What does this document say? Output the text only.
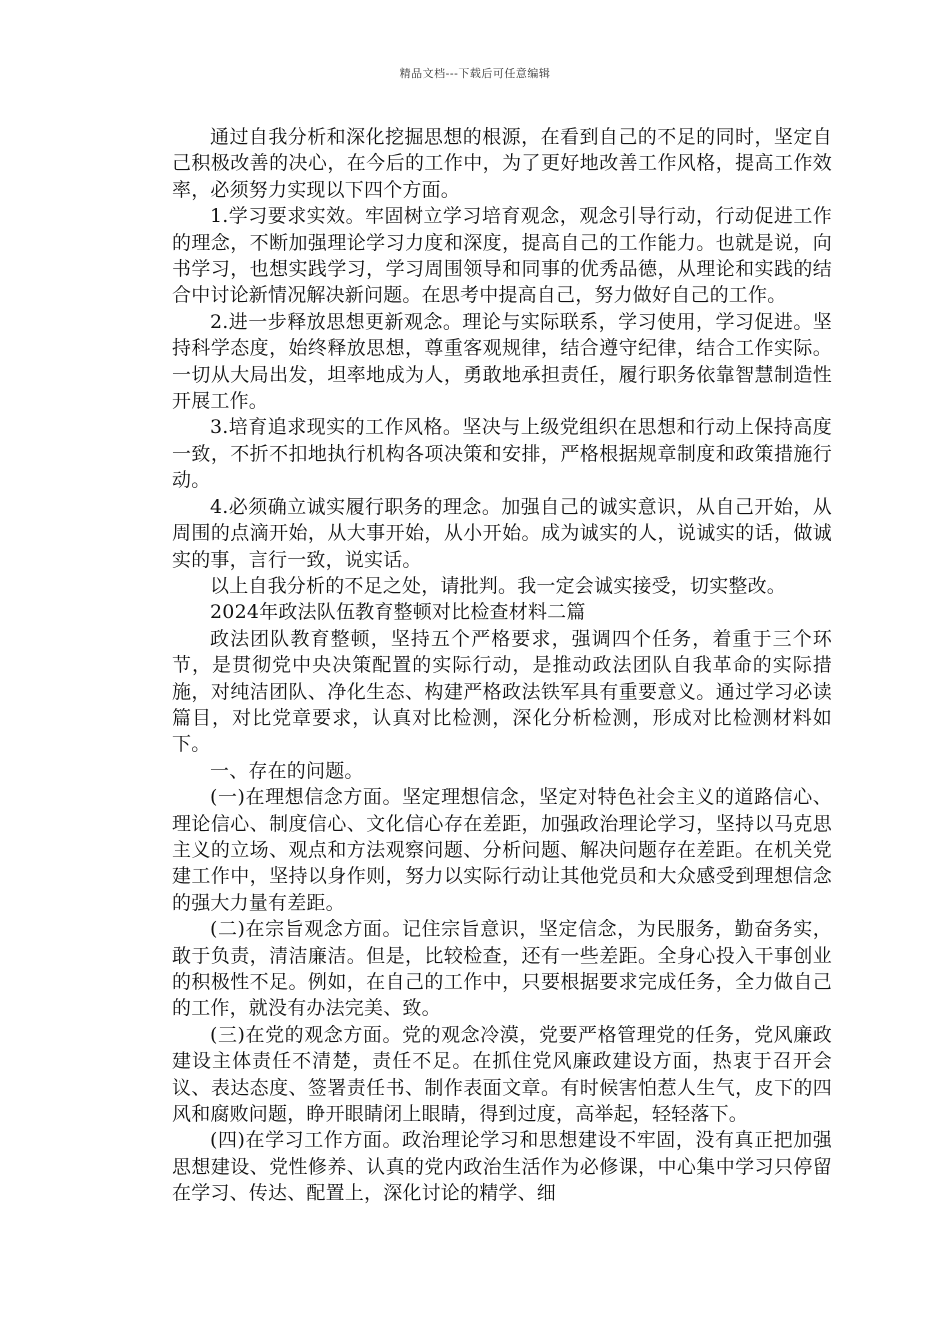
精品文档---下载后可任意编辑

通过自我分析和深化挖掘思想的根源，在看到自己的不足的同时，坚定自己积极改善的决心，在今后的工作中，为了更好地改善工作风格，提高工作效率，必须努力实现以下四个方面。

1.学习要求实效。牢固树立学习培育观念，观念引导行动，行动促进工作的理念，不断加强理论学习力度和深度，提高自己的工作能力。也就是说，向书学习，也想实践学习，学习周围领导和同事的优秀品德，从理论和实践的结合中讨论新情况解决新问题。在思考中提高自己，努力做好自己的工作。

2.进一步释放思想更新观念。理论与实际联系，学习使用，学习促进。坚持科学态度，始终释放思想，尊重客观规律，结合遵守纪律，结合工作实际。一切从大局出发，坦率地成为人，勇敢地承担责任，履行职务依靠智慧制造性开展工作。

3.培育追求现实的工作风格。坚决与上级党组织在思想和行动上保持高度一致，不折不扣地执行机构各项决策和安排，严格根据规章制度和政策措施行动。

4.必须确立诚实履行职务的理念。加强自己的诚实意识，从自己开始，从周围的点滴开始，从大事开始，从小开始。成为诚实的人，说诚实的话，做诚实的事，言行一致，说实话。

以上自我分析的不足之处，请批判。我一定会诚实接受，切实整改。

2024年政法队伍教育整顿对比检查材料二篇

政法团队教育整顿，坚持五个严格要求，强调四个任务，着重于三个环节，是贯彻党中央决策配置的实际行动，是推动政法团队自我革命的实际措施，对纯洁团队、净化生态、构建严格政法铁军具有重要意义。通过学习必读篇目，对比党章要求，认真对比检测，深化分析检测，形成对比检测材料如下。

一、存在的问题。

(一)在理想信念方面。坚定理想信念，坚定对特色社会主义的道路信心、理论信心、制度信心、文化信心存在差距，加强政治理论学习，坚持以马克思主义的立场、观点和方法观察问题、分析问题、解决问题存在差距。在机关党建工作中，坚持以身作则，努力以实际行动让其他党员和大众感受到理想信念的强大力量有差距。

(二)在宗旨观念方面。记住宗旨意识，坚定信念，为民服务，勤奋务实，敢于负责，清洁廉洁。但是，比较检查，还有一些差距。全身心投入干事创业的积极性不足。例如，在自己的工作中，只要根据要求完成任务，全力做自己的工作，就没有办法完美、致。

(三)在党的观念方面。党的观念冷漠，党要严格管理党的任务，党风廉政建设主体责任不清楚，责任不足。在抓住党风廉政建设方面，热衷于召开会议、表达态度、签署责任书、制作表面文章。有时候害怕惹人生气，皮下的四风和腐败问题，睁开眼睛闭上眼睛，得到过度，高举起，轻轻落下。

(四)在学习工作方面。政治理论学习和思想建设不牢固，没有真正把加强思想建设、党性修养、认真的党内政治生活作为必修课，中心集中学习只停留在学习、传达、配置上，深化讨论的精学、细
